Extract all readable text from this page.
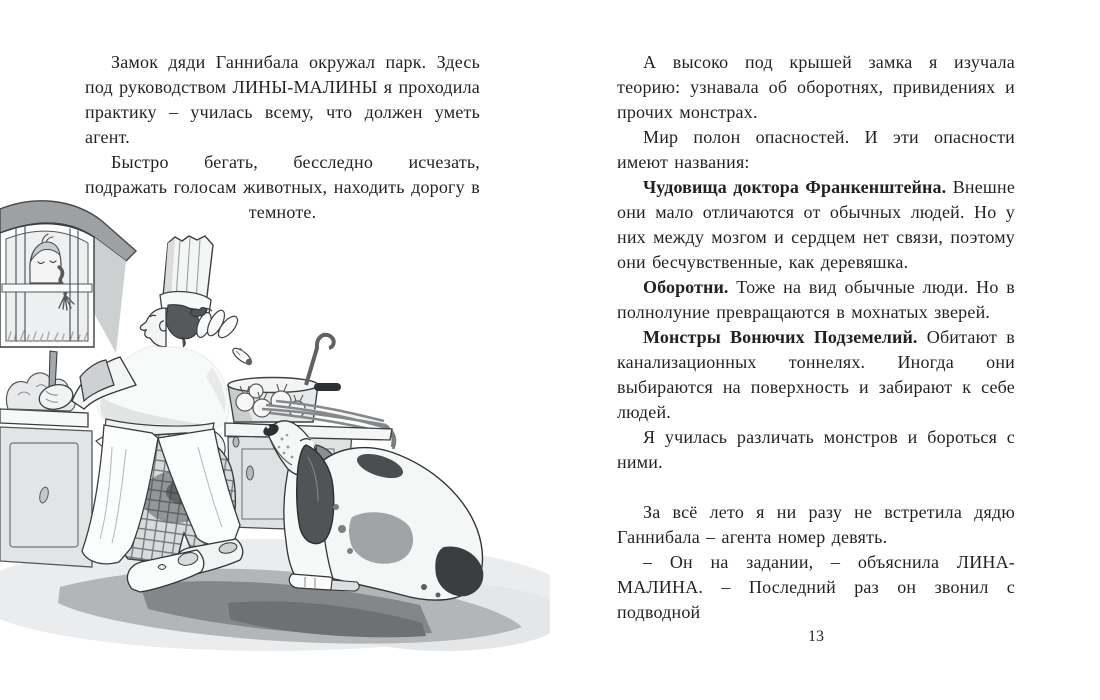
Замок дяди Ганнибала окружал парк. Здесь под руководством ЛИНЫ-МАЛИНЫ я проходила практику – училась всему, что должен уметь агент.

Быстро бегать, бесследно исчезать, подражать голосам животных, находить дорогу в темноте.

А высоко под крышей замка я изучала теорию: узнавала об оборотнях, привидениях и прочих монстрах.

Мир полон опасностей. И эти опасности имеют названия:

Чудовища доктора Франкенштейна. Внешне они мало отличаются от обычных людей. Но у них между мозгом и сердцем нет связи, поэтому они бесчувственные, как деревяшка.

Оборотни. Тоже на вид обычные люди. Но в полнолуние превращаются в мохнатых зверей.

Монстры Вонючих Подземелий. Обитают в канализационных тоннелях. Иногда они выбираются на поверхность и забирают к себе людей.

Я училась различать монстров и бороться с ними.

За всё лето я ни разу не встретила дядю Ганнибала – агента номер девять.

– Он на задании, – объяснила ЛИНА-МАЛИНА. – Последний раз он звонил с подводной

13
